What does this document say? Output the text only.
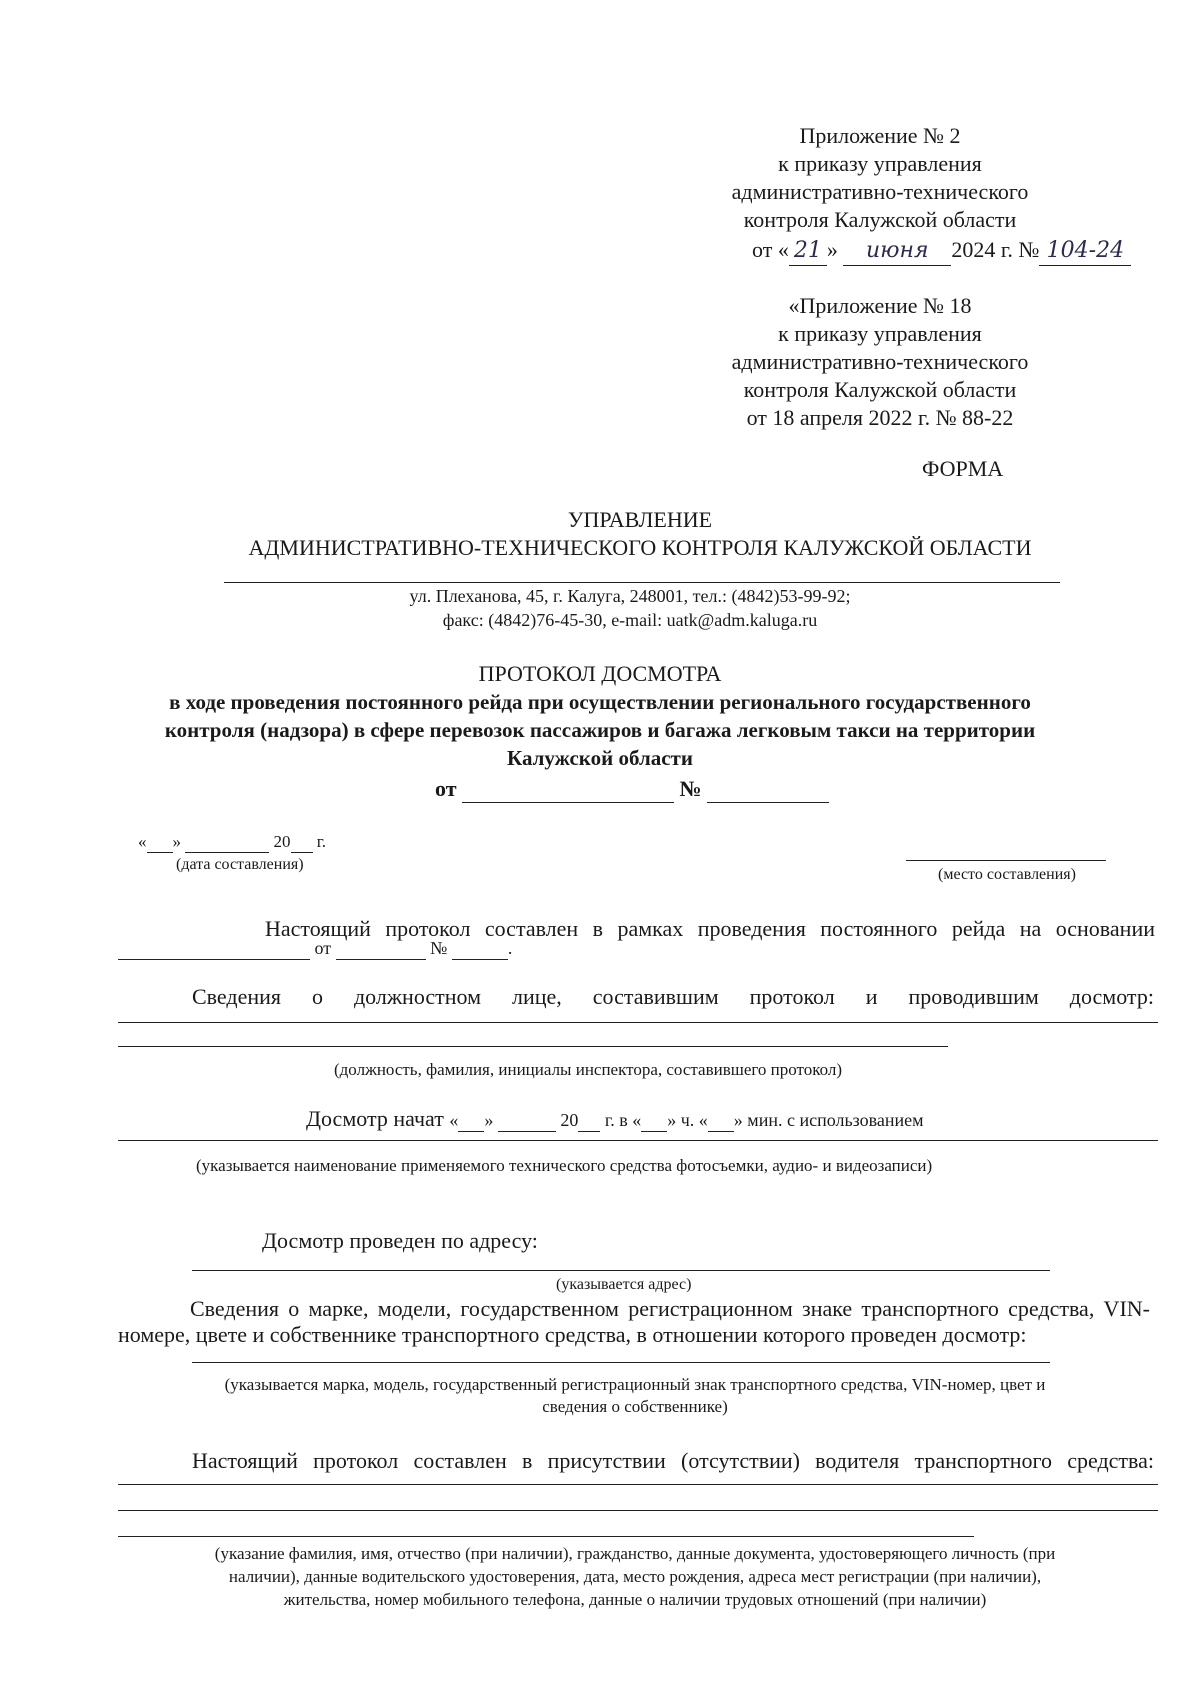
Приложение № 2
к приказу управления
административно-технического
контроля Калужской области
от « 21 » июня 2024 г. № 104-24
«Приложение № 18
к приказу управления
административно-технического
контроля Калужской области
от 18 апреля 2022 г. № 88-22
ФОРМА
УПРАВЛЕНИЕ
АДМИНИСТРАТИВНО-ТЕХНИЧЕСКОГО КОНТРОЛЯ КАЛУЖСКОЙ ОБЛАСТИ
ул. Плеханова, 45, г. Калуга, 248001, тел.: (4842)53-99-92;
факс: (4842)76-45-30, e-mail: uatk@adm.kaluga.ru
ПРОТОКОЛ ДОСМОТРА
в ходе проведения постоянного рейда при осуществлении регионального государственного
контроля (надзора) в сфере перевозок пассажиров и багажа легковым такси на территории
Калужской области
от	№
« »	20 г.
(дата составления)
(место составления)
Настоящий протокол составлен в рамках проведения постоянного рейда на основании
от	№	.
Сведения о должностном лице, составившим протокол и проводившим досмотр:
(должность, фамилия, инициалы инспектора, составившего протокол)
Досмотр начат « »	20 г. в « » ч. « » мин. с использованием
(указывается наименование применяемого технического средства фотосъемки, аудио- и видеозаписи)
Досмотр проведен по адресу:
(указывается адрес)
Сведения о марке, модели, государственном регистрационном знаке транспортного средства, VIN-
номере, цвете и собственнике транспортного средства, в отношении которого проведен досмотр:
(указывается марка, модель, государственный регистрационный знак транспортного средства, VIN-номер, цвет и
сведения о собственнике)
Настоящий протокол составлен в присутствии (отсутствии) водителя транспортного средства:
(указание фамилия, имя, отчество (при наличии), гражданство, данные документа, удостоверяющего личность (при
наличии), данные водительского удостоверения, дата, место рождения, адреса мест регистрации (при наличии),
жительства, номер мобильного телефона, данные о наличии трудовых отношений (при наличии)
